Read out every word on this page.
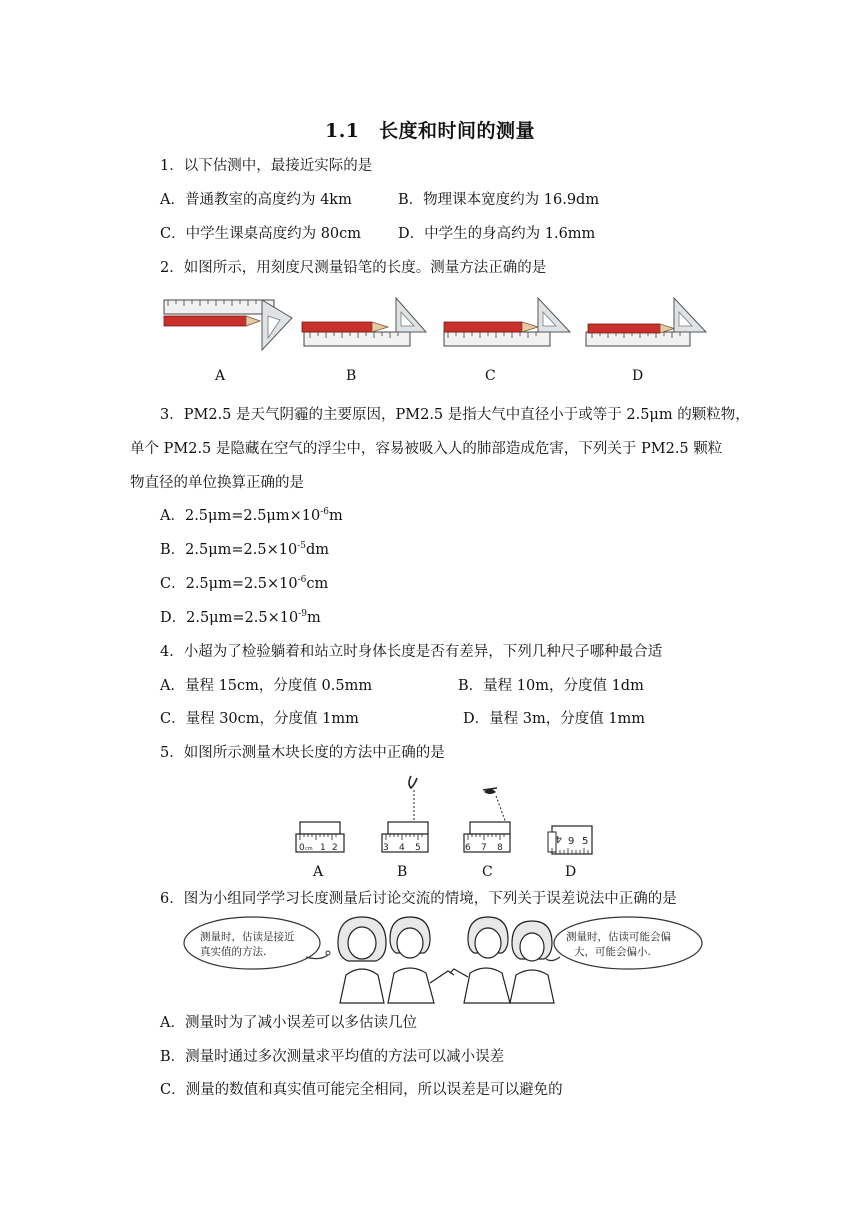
1.1　长度和时间的测量
1．以下估测中，最接近实际的是
A．普通教室的高度约为 4km	B．物理课本宽度约为 16.9dm
C．中学生课桌高度约为 80cm	D．中学生的身高约为 1.6mm
2．如图所示，用刻度尺测量铅笔的长度。测量方法正确的是
A	B	C	D
3．PM2.5 是天气阴霾的主要原因，PM2.5 是指大气中直径小于或等于 2.5μm 的颗粒物，
单个 PM2.5 是隐藏在空气的浮尘中，容易被吸入人的肺部造成危害，下列关于 PM2.5 颗粒
物直径的单位换算正确的是
A．$2.5\mu m=2.5\mu m\times 10^{-6}m$
B．$2.5\mu m=2.5\times 10^{-5}dm$
C．$2.5\mu m=2.5\times 10^{-6}cm$
D．$2.5\mu m=2.5\times 10^{-9}m$
4．小超为了检验躺着和站立时身体长度是否有差异，下列几种尺子哪种最合适
A．量程 15cm，分度值 0.5mm	B．量程 10m，分度值 1dm
C．量程 30cm，分度值 1mm	D．量程 3m，分度值 1mm
5．如图所示测量木块长度的方法中正确的是
0 cm 1 2	3 4 5	6 7 8
4 9 5
A	B	C	D
6．图为小组同学学习长度测量后讨论交流的情境，下列关于误差说法中正确的是
测量时，估读是接近
真实值的方法.
测量时，估读可能会偏
大，可能会偏小.
A．测量时为了减小误差可以多估读几位
B．测量时通过多次测量求平均值的方法可以减小误差
C．测量的数值和真实值可能完全相同，所以误差是可以避免的
